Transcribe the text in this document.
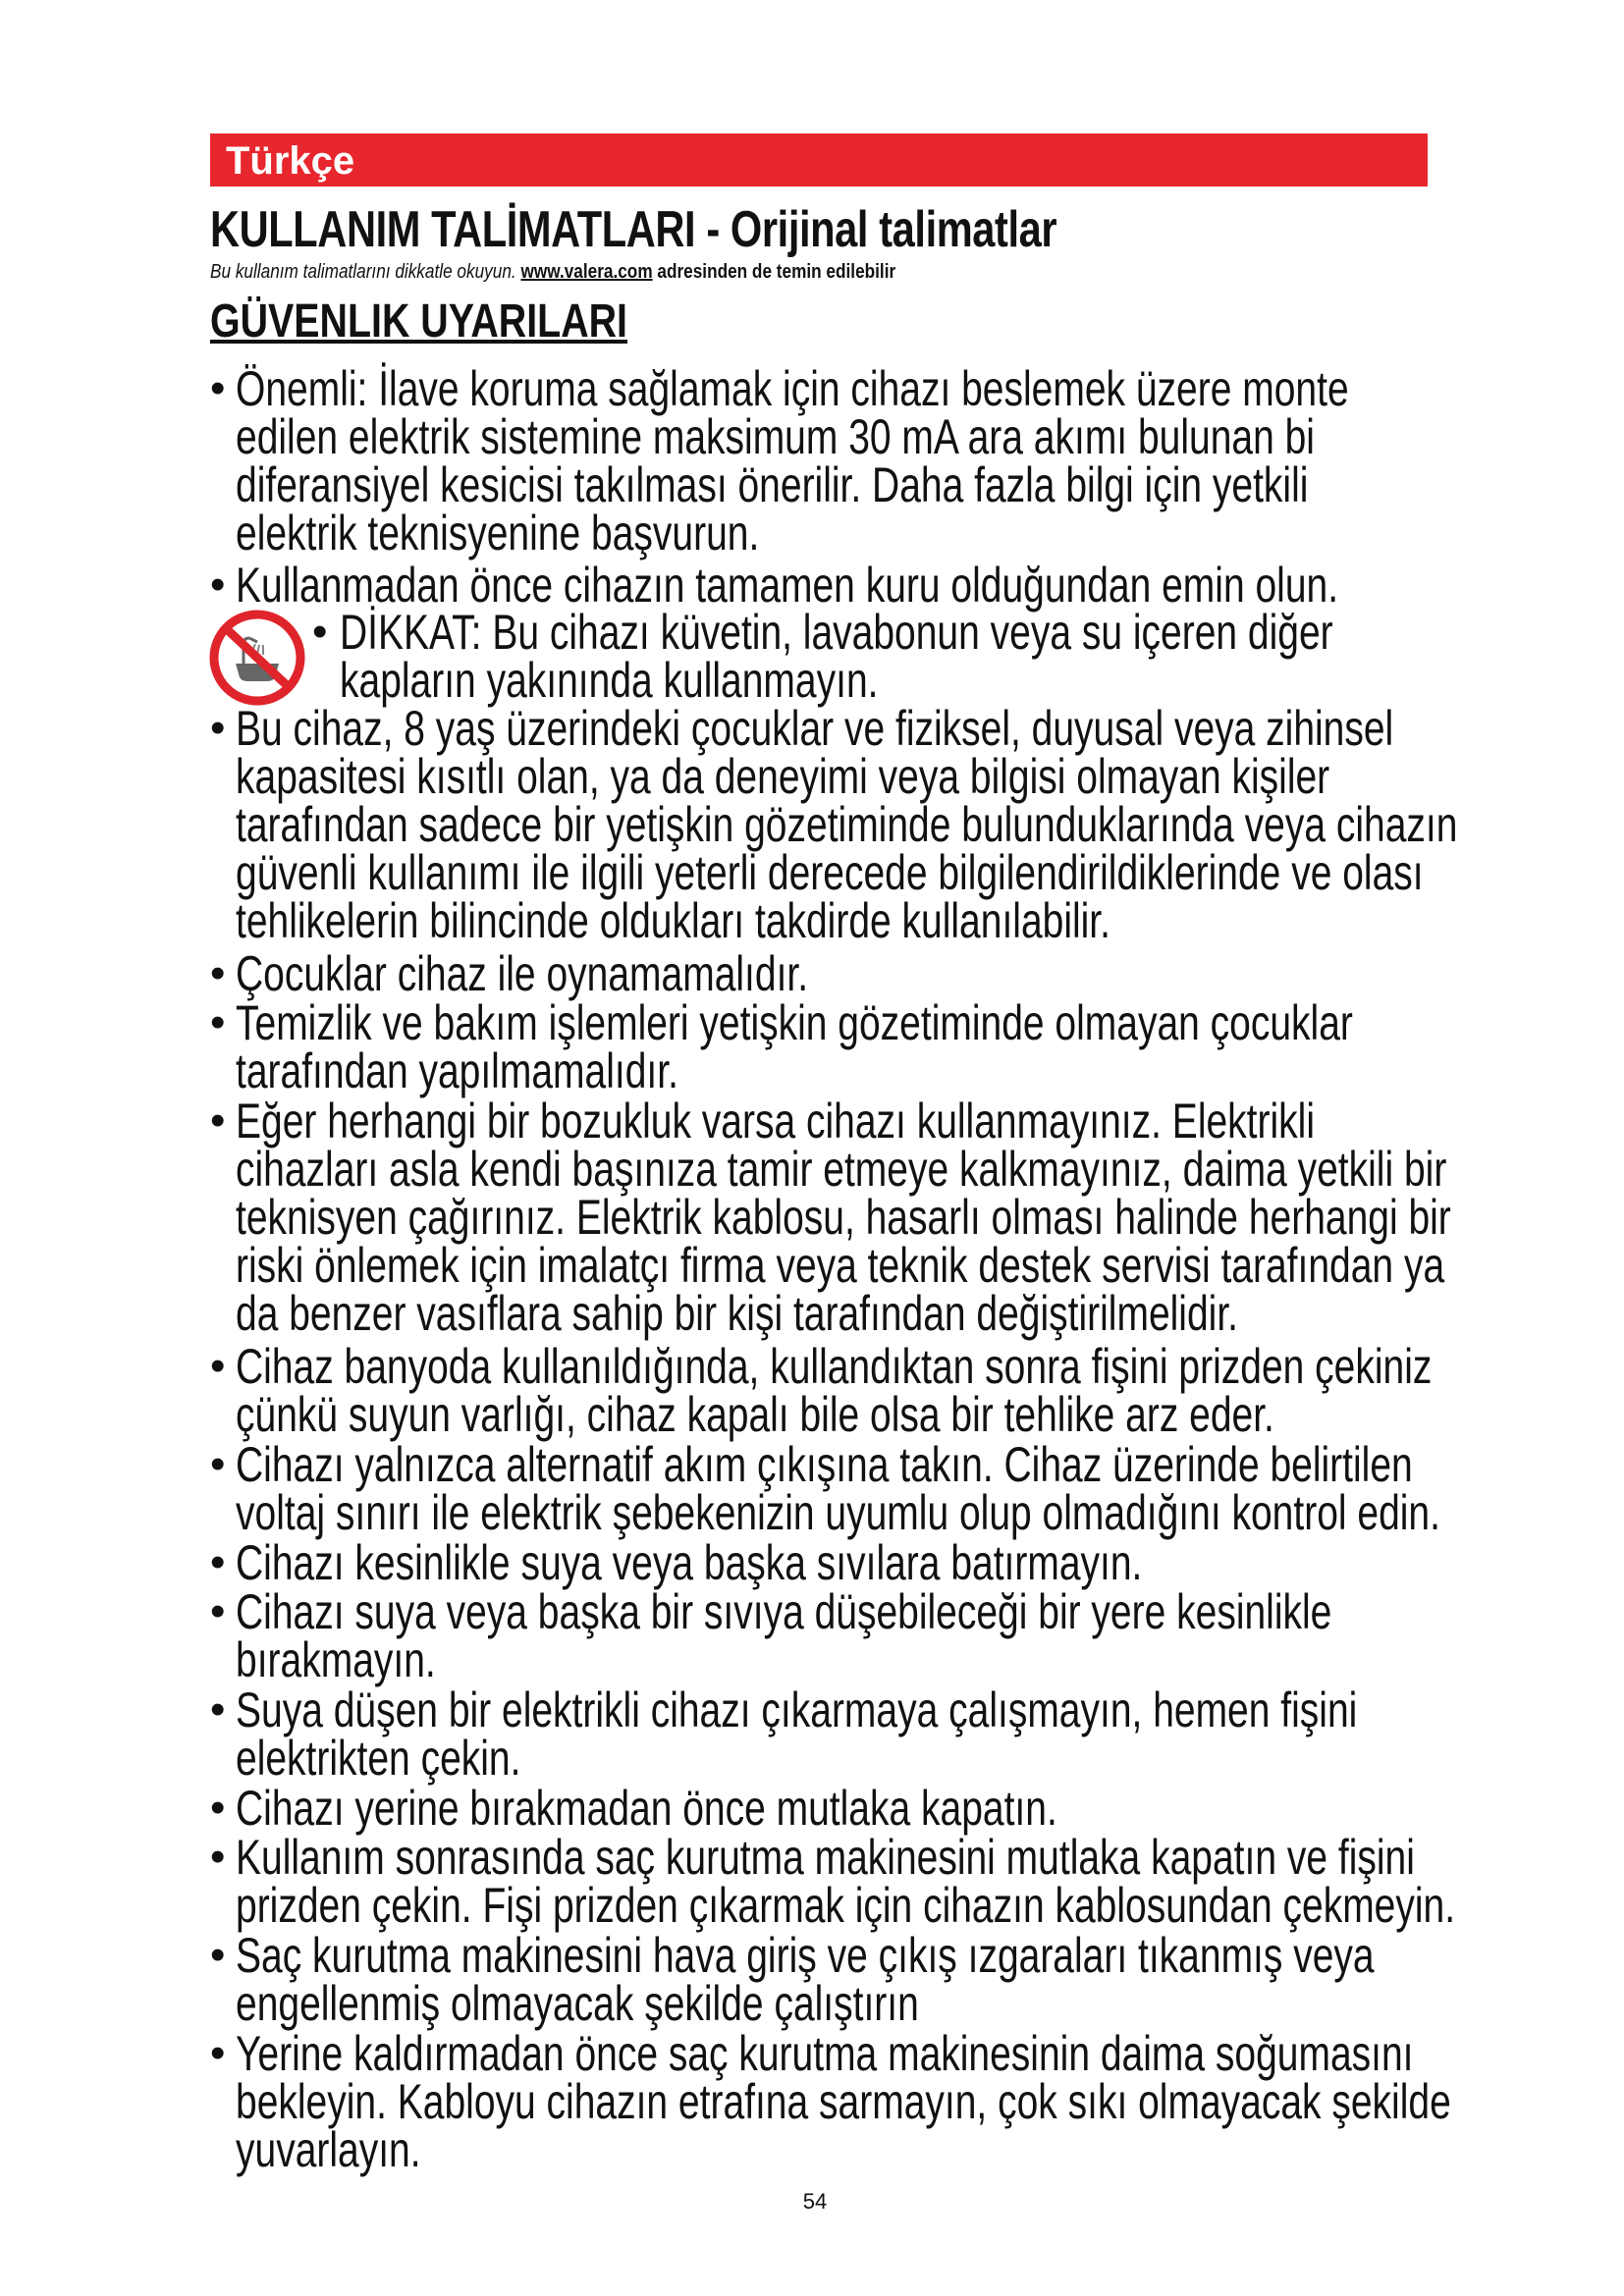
Türkçe
KULLANIM TALİMATLARI - Orijinal talimatlar
Bu kullanım talimatlarını dikkatle okuyun. www.valera.com adresinden de temin edilebilir
GÜVENLIK UYARILARI
• Önemli: İlave koruma sağlamak için cihazı beslemek üzere monte
edilen elektrik sistemine maksimum 30 mA ara akımı bulunan bi
diferansiyel kesicisi takılması önerilir. Daha fazla bilgi için yetkili
elektrik teknisyenine başvurun.
• Kullanmadan önce cihazın tamamen kuru olduğundan emin olun.
• DİKKAT: Bu cihazı küvetin, lavabonun veya su içeren diğer
kapların yakınında kullanmayın.
• Bu cihaz, 8 yaş üzerindeki çocuklar ve fiziksel, duyusal veya zihinsel
kapasitesi kısıtlı olan, ya da deneyimi veya bilgisi olmayan kişiler
tarafından sadece bir yetişkin gözetiminde bulunduklarında veya cihazın
güvenli kullanımı ile ilgili yeterli derecede bilgilendirildiklerinde ve olası
tehlikelerin bilincinde oldukları takdirde kullanılabilir.
• Çocuklar cihaz ile oynamamalıdır.
• Temizlik ve bakım işlemleri yetişkin gözetiminde olmayan çocuklar
tarafından yapılmamalıdır.
• Eğer herhangi bir bozukluk varsa cihazı kullanmayınız. Elektrikli
cihazları asla kendi başınıza tamir etmeye kalkmayınız, daima yetkili bir
teknisyen çağırınız. Elektrik kablosu, hasarlı olması halinde herhangi bir
riski önlemek için imalatçı firma veya teknik destek servisi tarafından ya
da benzer vasıflara sahip bir kişi tarafından değiştirilmelidir.
• Cihaz banyoda kullanıldığında, kullandıktan sonra fişini prizden çekiniz
çünkü suyun varlığı, cihaz kapalı bile olsa bir tehlike arz eder.
• Cihazı yalnızca alternatif akım çıkışına takın. Cihaz üzerinde belirtilen
voltaj sınırı ile elektrik şebekenizin uyumlu olup olmadığını kontrol edin.
• Cihazı kesinlikle suya veya başka sıvılara batırmayın.
• Cihazı suya veya başka bir sıvıya düşebileceği bir yere kesinlikle
bırakmayın.
• Suya düşen bir elektrikli cihazı çıkarmaya çalışmayın, hemen fişini
elektrikten çekin.
• Cihazı yerine bırakmadan önce mutlaka kapatın.
• Kullanım sonrasında saç kurutma makinesini mutlaka kapatın ve fişini
prizden çekin. Fişi prizden çıkarmak için cihazın kablosundan çekmeyin.
• Saç kurutma makinesini hava giriş ve çıkış ızgaraları tıkanmış veya
engellenmiş olmayacak şekilde çalıştırın
• Yerine kaldırmadan önce saç kurutma makinesinin daima soğumasını
bekleyin. Kabloyu cihazın etrafına sarmayın, çok sıkı olmayacak şekilde
yuvarlayın.
54
